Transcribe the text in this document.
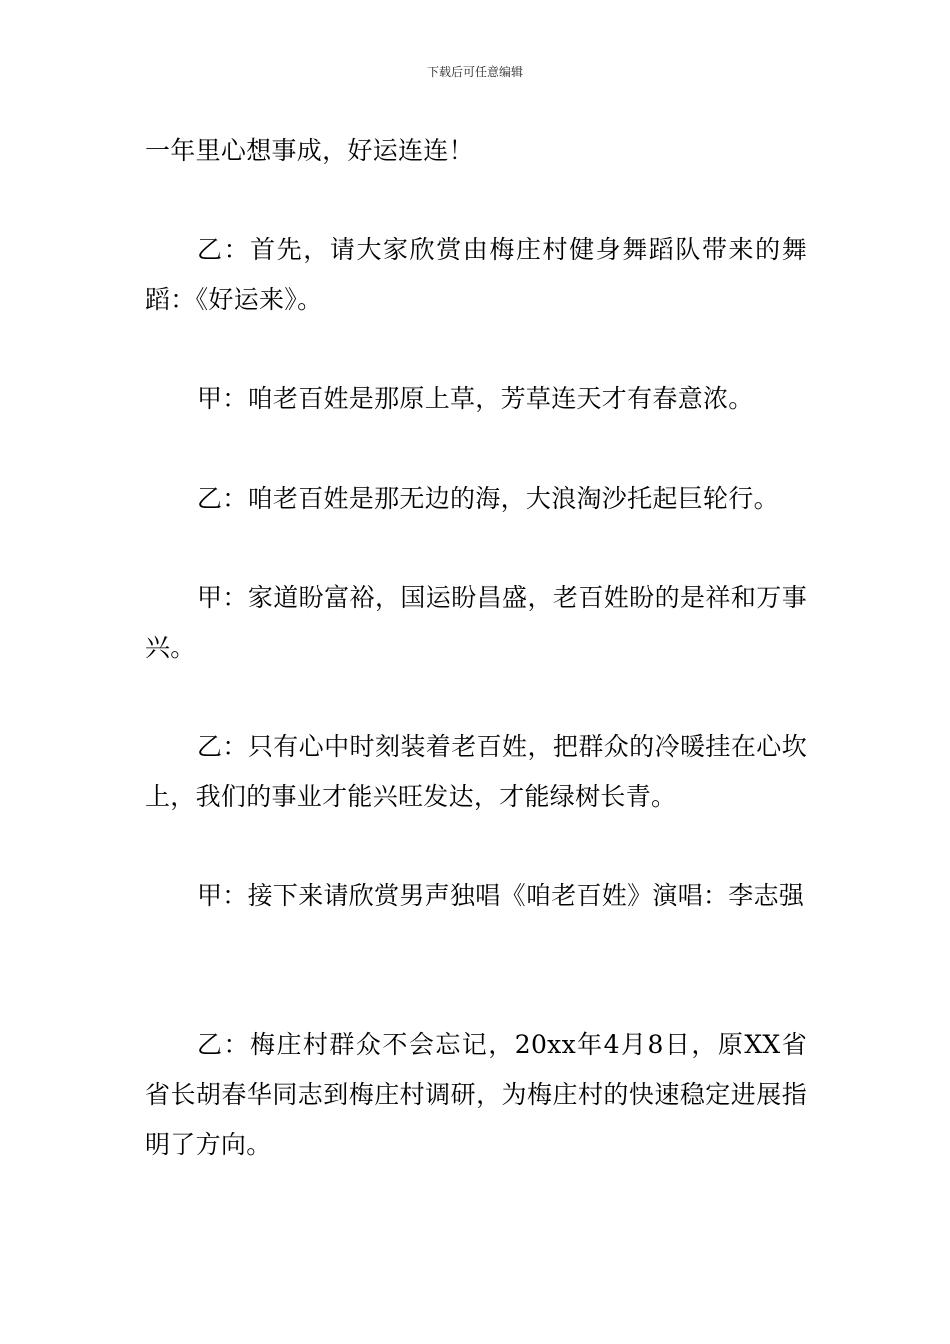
下载后可任意编辑

一年里心想事成，好运连连！

乙：首先，请大家欣赏由梅庄村健身舞蹈队带来的舞蹈：《好运来》。

甲：咱老百姓是那原上草，芳草连天才有春意浓。

乙：咱老百姓是那无边的海，大浪淘沙托起巨轮行。

甲：家道盼富裕，国运盼昌盛，老百姓盼的是祥和万事兴。

乙：只有心中时刻装着老百姓，把群众的冷暖挂在心坎上，我们的事业才能兴旺发达，才能绿树长青。

甲：接下来请欣赏男声独唱《咱老百姓》演唱：李志强

乙：梅庄村群众不会忘记，20xx年4月8日，原XX省省长胡春华同志到梅庄村调研，为梅庄村的快速稳定进展指明了方向。
